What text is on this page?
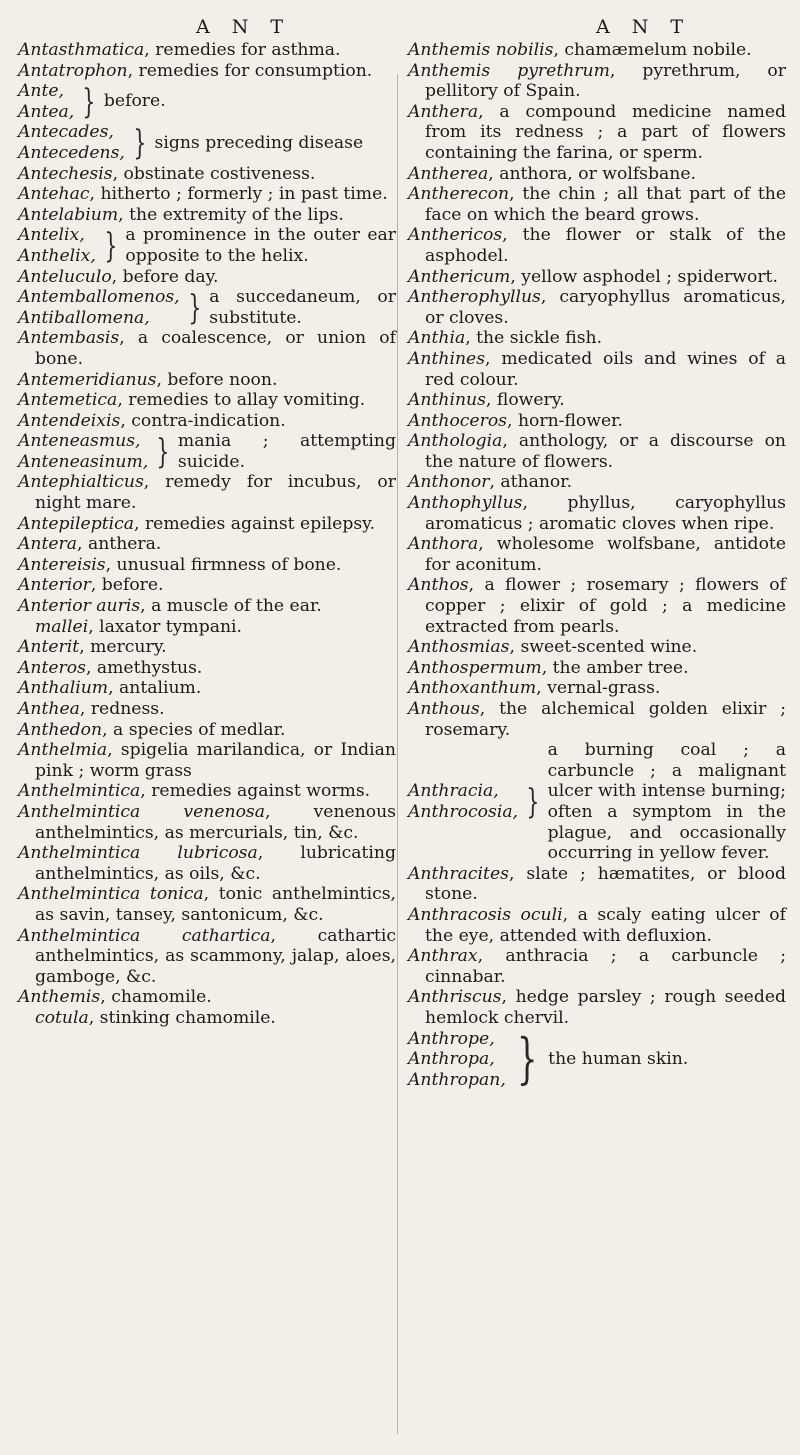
A N T	A N T

Antasthmatica, remedies for asthma.

Antatrophon, remedies for consumption.

Ante,
Antea, } before.
Antecades,
Antecedens, } signs preceding disease

Antechesis, obstinate costiveness.

Antehac, hitherto ; formerly ; in past time.

Antelabium, the extremity of the lips.

Antelix,
Anthelix, } a prominence in the outer ear opposite to the helix.

Anteluculo, before day.

Antemballomenos,
Antiballomena,	} a succedaneum, or substitute.

Antembasis, a coalescence, or union of bone.

Antemeridianus, before noon.

Antemetica, remedies to allay vomiting.

Antendeixis, contra-indication.

Anteneasmus,
Anteneasinum, } mania ; attempting suicide.

Antephialticus, remedy for incubus, or night mare.

Antepileptica, remedies against epilepsy.

Antera, anthera.

Antereisis, unusual firmness of bone.

Anterior, before.

Anterior auris, a muscle of the ear.

mallei, laxator tympani.

Anterit, mercury.

Anteros, amethystus.

Anthalium, antalium.

Anthea, redness.

Anthedon, a species of medlar.

Anthelmia, spigelia marilandica, or Indian pink ; worm grass

Anthelmintica, remedies against worms.

Anthelmintica venenosa, venenous anthelmintics, as mercurials, tin, &c.

Anthelmintica lubricosa, lubricating anthelmintics, as oils, &c.

Anthelmintica tonica, tonic anthelmintics, as savin, tansey, santonicum, &c.

Anthelmintica cathartica, cathartic anthelmintics, as scammony, jalap, aloes, gamboge, &c.

Anthemis, chamomile.

cotula, stinking chamomile.

Anthemis nobilis, chamæmelum nobile.

Anthemis pyrethrum, pyrethrum, or pellitory of Spain.

Anthera, a compound medicine named from its redness ; a part of flowers containing the farina, or sperm.

Antherea, anthora, or wolfsbane.

Antherecon, the chin ; all that part of the face on which the beard grows.

Anthericos, the flower or stalk of the asphodel.

Anthericum, yellow asphodel ; spiderwort.

Antherophyllus, caryophyllus aromaticus, or cloves.

Anthia, the sickle fish.

Anthines, medicated oils and wines of a red colour.

Anthinus, flowery.

Anthoceros, horn-flower.

Anthologia, anthology, or a discourse on the nature of flowers.

Anthonor, athanor.

Anthophyllus, phyllus, caryophyllus aromaticus ; aromatic cloves when ripe.

Anthora, wholesome wolfsbane, antidote for aconitum.

Anthos, a flower ; rosemary ; flowers of copper ; elixir of gold ; a medicine extracted from pearls.

Anthosmias, sweet-scented wine.

Anthospermum, the amber tree.

Anthoxanthum, vernal-grass.

Anthous, the alchemical golden elixir ; rosemary.

Anthracia,
Anthrocosia, }
a burning coal ; a carbuncle ; a malignant ulcer with intense burning; often a symptom in the plague, and occasionally occurring in yellow fever.

Anthracites, slate ; hæmatites, or blood stone.

Anthracosis oculi, a scaly eating ulcer of the eye, attended with defluxion.

Anthrax, anthracia ; a carbuncle ; cinnabar.

Anthriscus, hedge parsley ; rough seeded hemlock chervil.

Anthrope,
Anthropa,
Anthropan, } the human skin.
